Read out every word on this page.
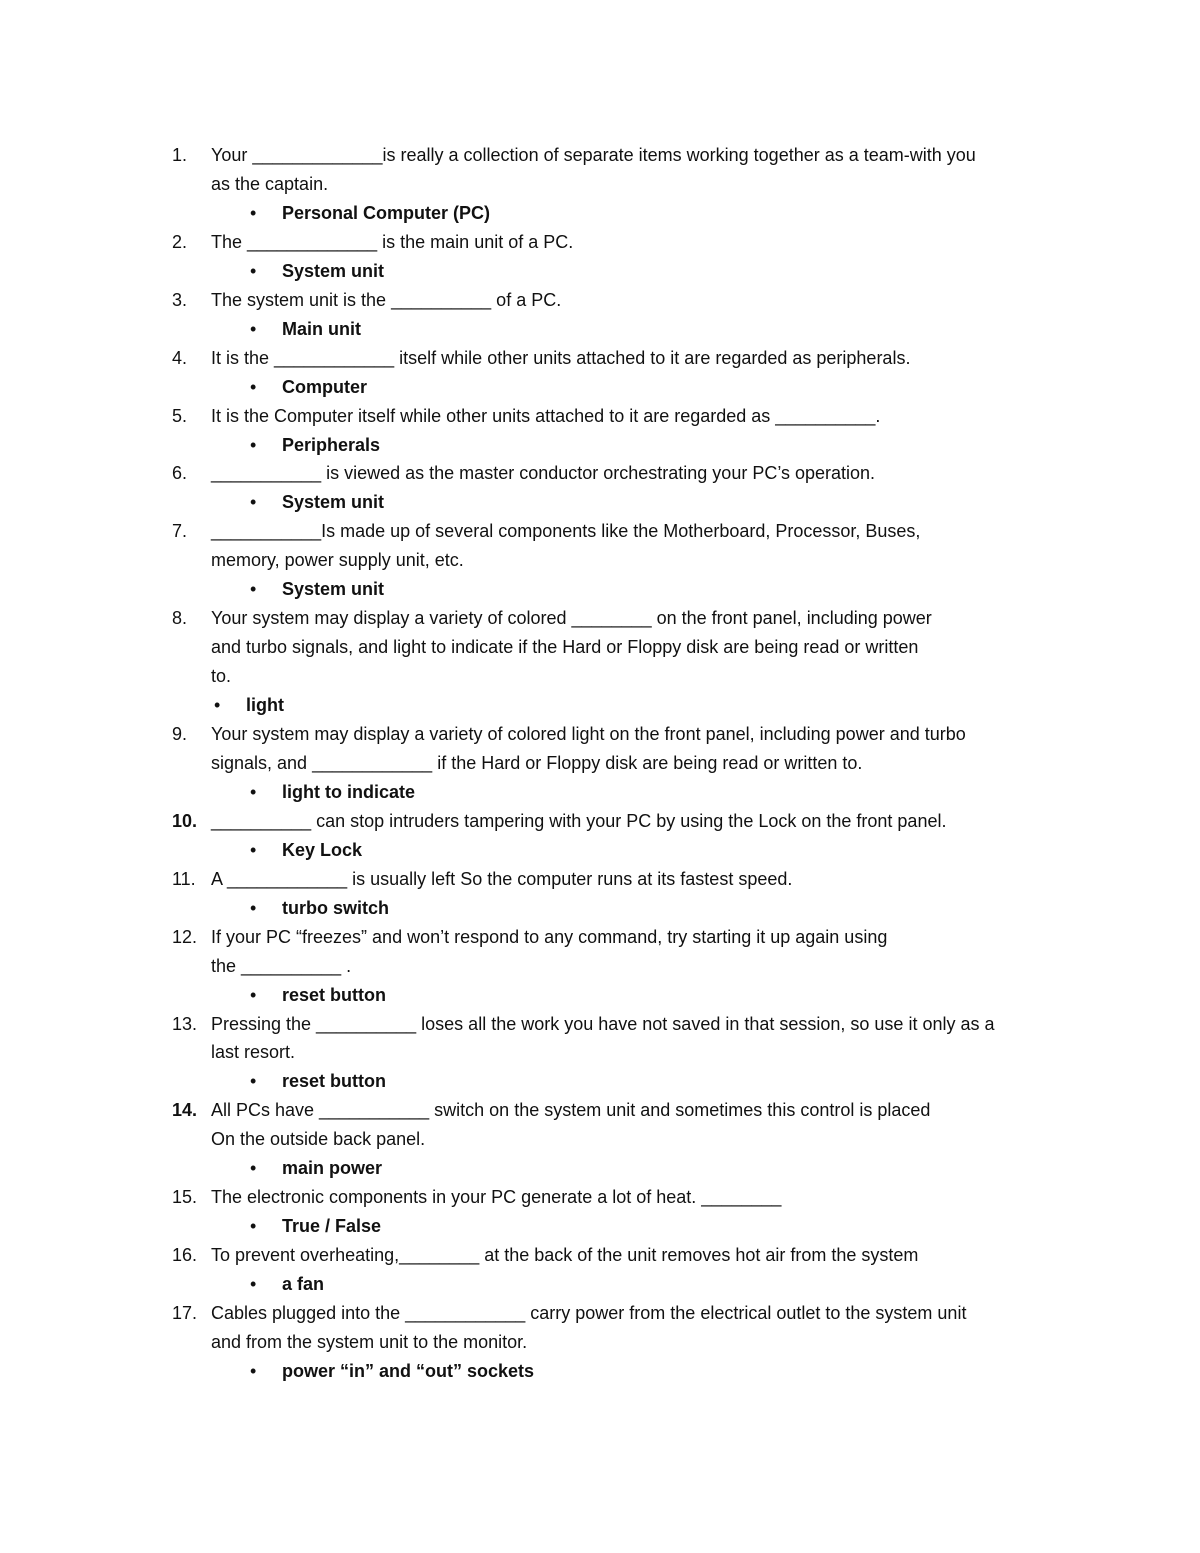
1.	Your _____________is really a collection of separate items working together as a team-with you
as the captain.
• Personal Computer (PC)
2.	The _____________ is the main unit of a PC.
• System unit
3.	The system unit is the __________ of a PC.
• Main unit
4.	It is the ____________ itself while other units attached to it are regarded as peripherals.
• Computer
5.	It is the Computer itself while other units attached to it are regarded as __________.
• Peripherals
6.	___________ is viewed as the master conductor orchestrating your PC’s operation.
• System unit
7.	___________Is made up of several components like the Motherboard, Processor, Buses,
memory, power supply unit, etc.
• System unit
8.	Your system may display a variety of colored ________ on the front panel, including power
and turbo signals, and light to indicate if the Hard or Floppy disk are being read or written
to.
• light
9.	Your system may display a variety of colored light on the front panel, including power and turbo
signals, and ____________ if the Hard or Floppy disk are being read or written to.
• light to indicate
10. __________ can stop intruders tampering with your PC by using the Lock on the front panel.
• Key Lock
11. A ____________ is usually left So the computer runs at its fastest speed.
• turbo switch
12. If your PC “freezes” and won’t respond to any command, try starting it up again using
the __________ .
• reset button
13. Pressing the __________ loses all the work you have not saved in that session, so use it only as a
last resort.
• reset button
14. All PCs have ___________ switch on the system unit and sometimes this control is placed
On the outside back panel.
• main power
15. The electronic components in your PC generate a lot of heat. ________
• True / False
16. To prevent overheating,________ at the back of the unit removes hot air from the system
• a fan
17. Cables plugged into the ____________ carry power from the electrical outlet to the system unit
and from the system unit to the monitor.
• power “in” and “out” sockets
